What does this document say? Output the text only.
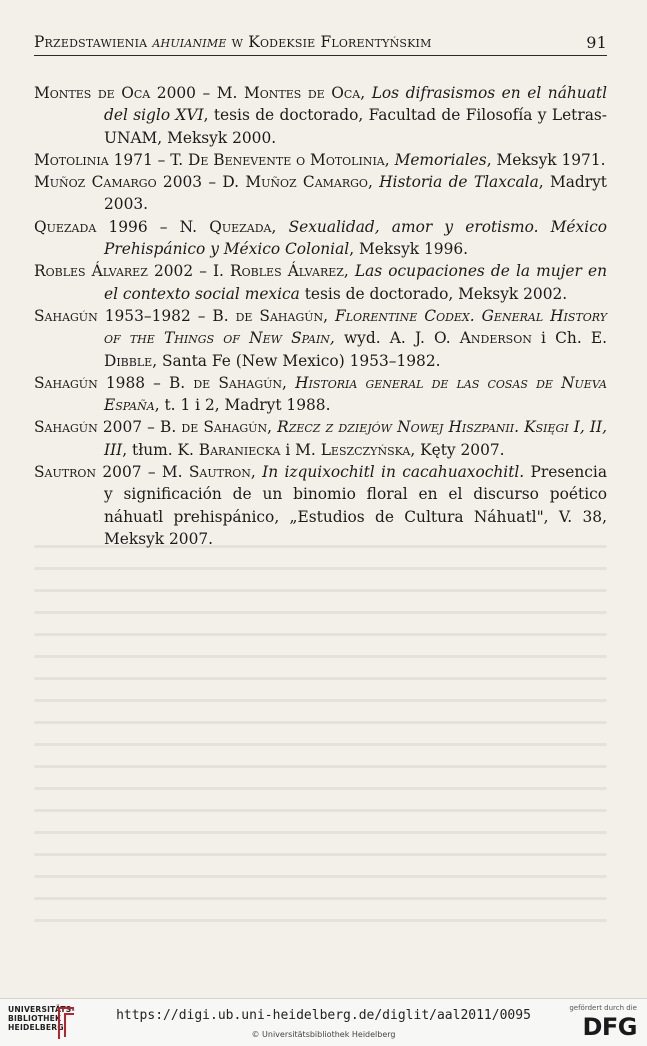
Przedstawienia ahuianime w Kodeksie Florentyńskim	91
Montes de Oca 2000 – M. Montes de Oca, Los difrasismos en el náhuatl del siglo XVI, tesis de doctorado, Facultad de Filosofía y Letras- UNAM, Meksyk 2000.
Motolinia 1971 – T. De Benevente o Motolinia, Memoriales, Meksyk 1971.
Muñoz Camargo 2003 – D. Muñoz Camargo, Historia de Tlaxcala, Madryt 2003.
Quezada 1996 – N. Quezada, Sexualidad, amor y erotismo. México Prehispánico y México Colonial, Meksyk 1996.
Robles Álvarez 2002 – I. Robles Álvarez, Las ocupaciones de la mujer en el contexto social mexica tesis de doctorado, Meksyk 2002.
Sahagún 1953–1982 – B. de Sahagún, Florentine Codex. General History of the Things of New Spain, wyd. A. J. O. Anderson i Ch. E. Dibble, Santa Fe (New Mexico) 1953–1982.
Sahagún 1988 – B. de Sahagún, Historia general de las cosas de Nueva España, t. 1 i 2, Madryt 1988.
Sahagún 2007 – B. de Sahagún, Rzecz z dziejów Nowej Hiszpanii. Księgi I, II, III, tłum. K. Baraniecka i M. Leszczyńska, Kęty 2007.
Sautron 2007 – M. Sautron, In izquixochitl in cacahuaxochitl. Presencia y significación de un binomio floral en el discurso poético náhuatl prehispánico, „Estudios de Cultura Náhuatl", V. 38, Meksyk 2007.
UNIVERSITÄTS-
BIBLIOTHEK
HEIDELBERG
https://digi.ub.uni-heidelberg.de/diglit/aal2011/0095
© Universitätsbibliothek Heidelberg
gefördert durch die
DFG
